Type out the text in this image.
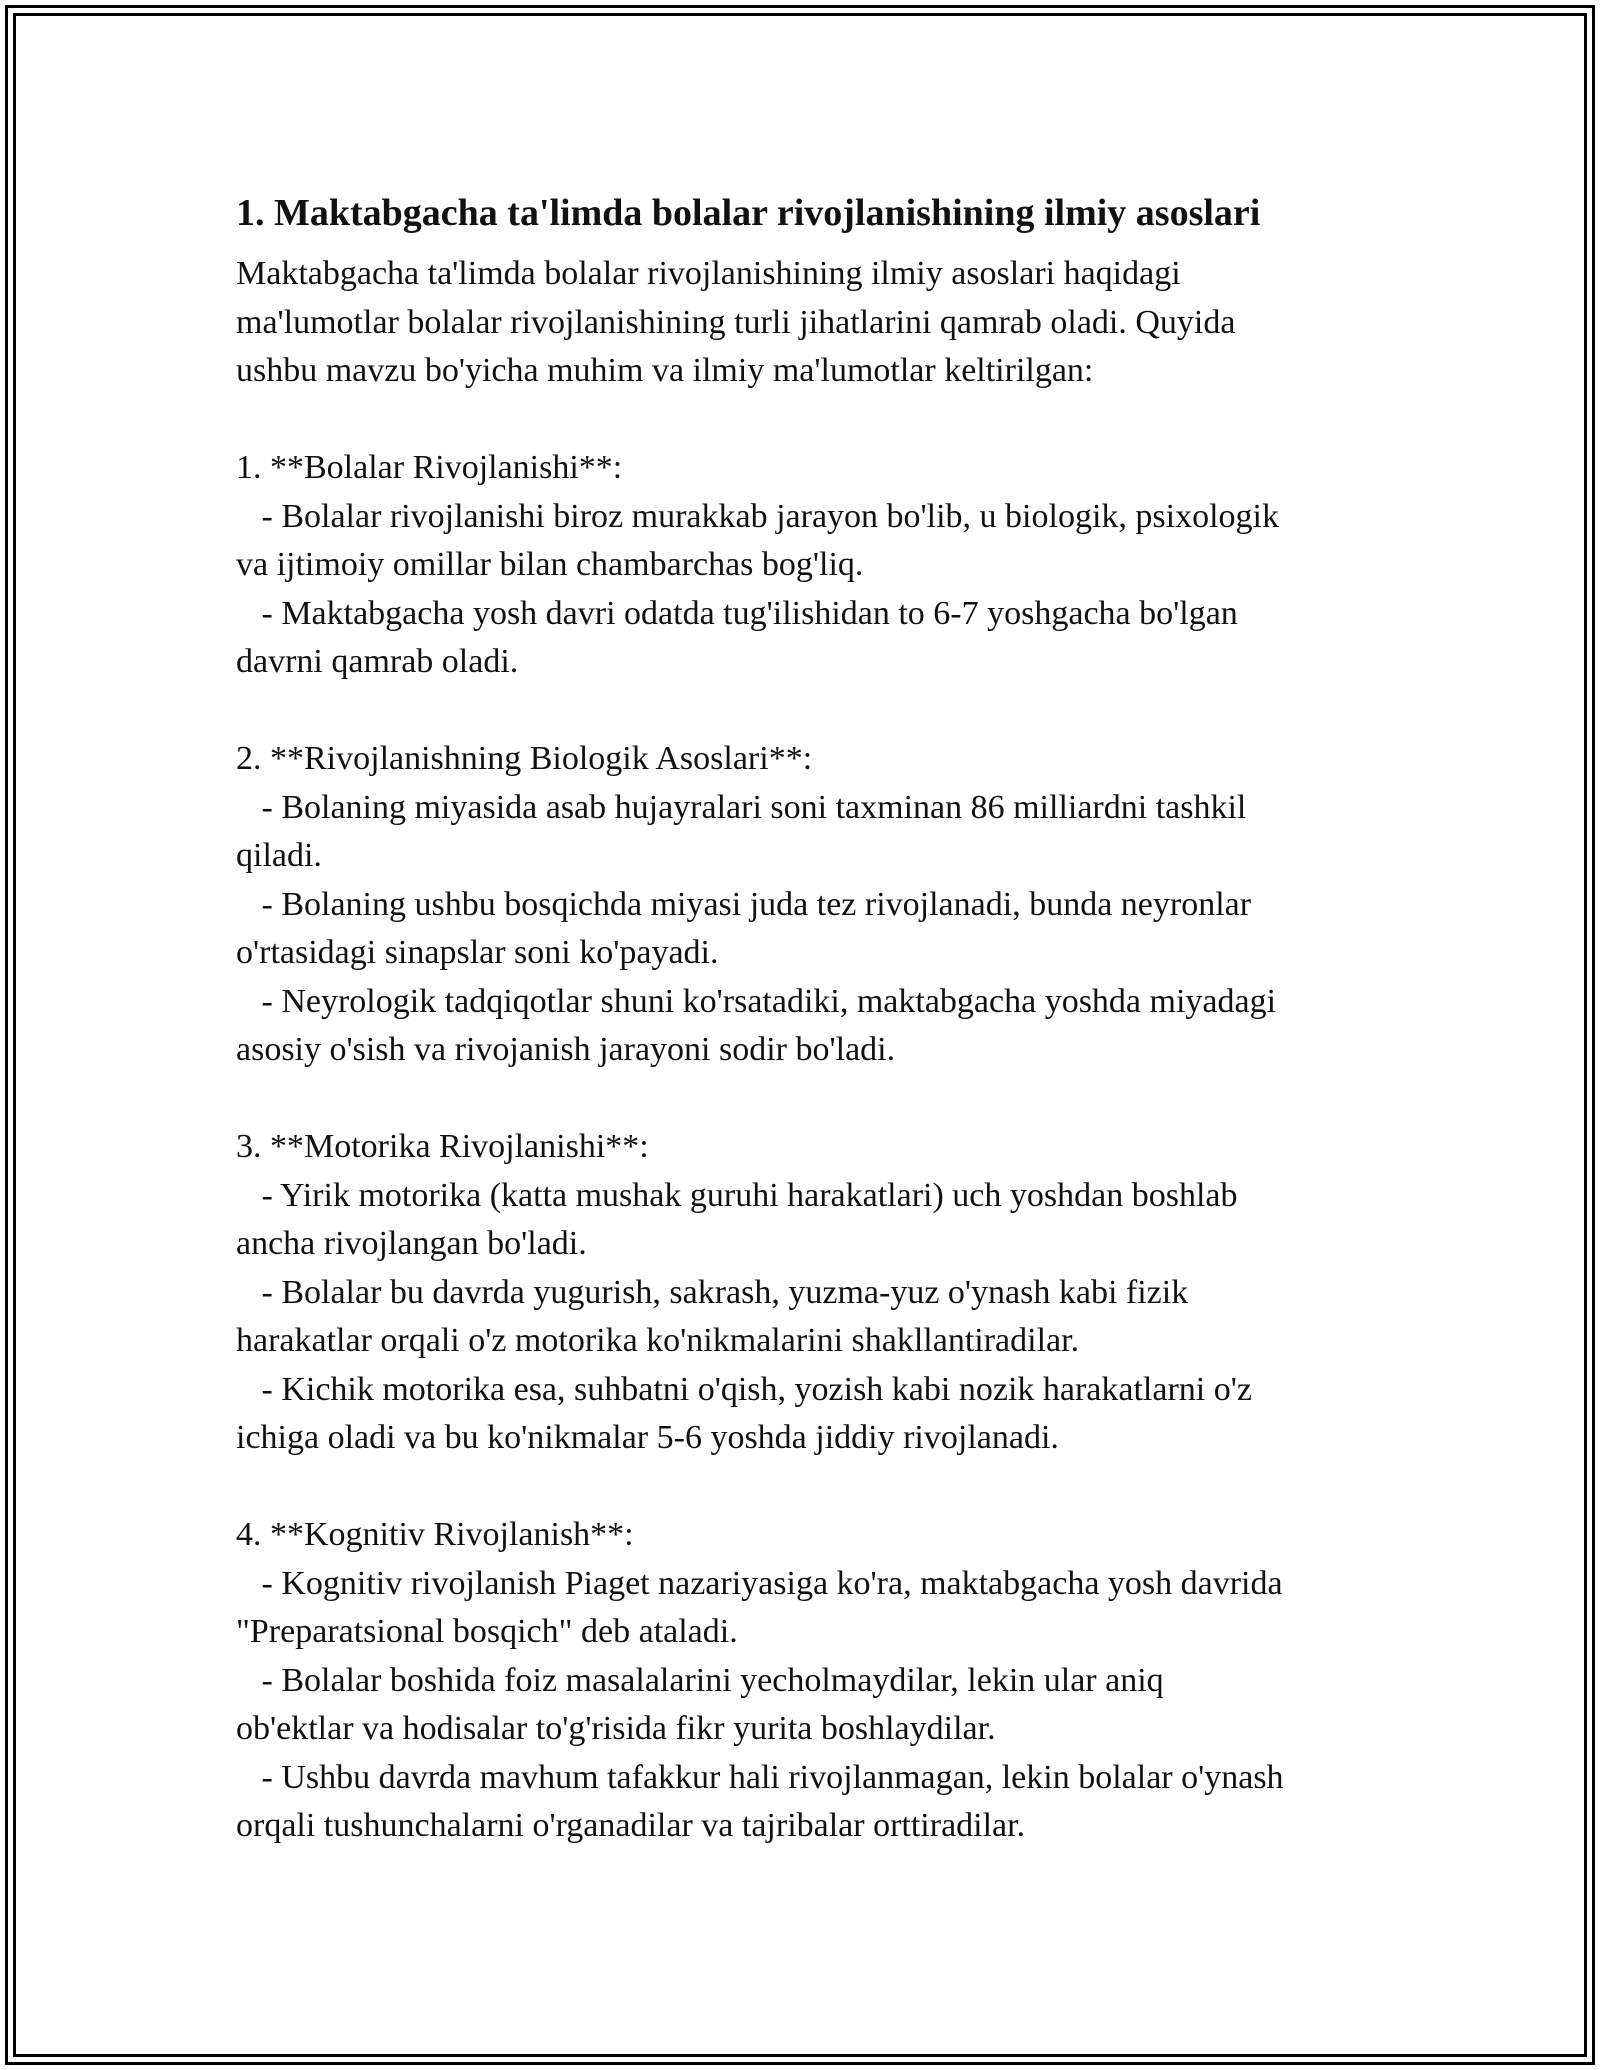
1. Maktabgacha ta'limda bolalar rivojlanishining ilmiy asoslari
Maktabgacha ta'limda bolalar rivojlanishining ilmiy asoslari haqidagi
ma'lumotlar bolalar rivojlanishining turli jihatlarini qamrab oladi. Quyida
ushbu mavzu bo'yicha muhim va ilmiy ma'lumotlar keltirilgan:
1. **Bolalar Rivojlanishi**:
- Bolalar rivojlanishi biroz murakkab jarayon bo'lib, u biologik, psixologik
va ijtimoiy omillar bilan chambarchas bog'liq.
- Maktabgacha yosh davri odatda tug'ilishidan to 6-7 yoshgacha bo'lgan
davrni qamrab oladi.
2. **Rivojlanishning Biologik Asoslari**:
- Bolaning miyasida asab hujayralari soni taxminan 86 milliardni tashkil
qiladi.
- Bolaning ushbu bosqichda miyasi juda tez rivojlanadi, bunda neyronlar
o'rtasidagi sinapslar soni ko'payadi.
- Neyrologik tadqiqotlar shuni ko'rsatadiki, maktabgacha yoshda miyadagi
asosiy o'sish va rivojanish jarayoni sodir bo'ladi.
3. **Motorika Rivojlanishi**:
- Yirik motorika (katta mushak guruhi harakatlari) uch yoshdan boshlab
ancha rivojlangan bo'ladi.
- Bolalar bu davrda yugurish, sakrash, yuzma-yuz o'ynash kabi fizik
harakatlar orqali o'z motorika ko'nikmalarini shakllantiradilar.
- Kichik motorika esa, suhbatni o'qish, yozish kabi nozik harakatlarni o'z
ichiga oladi va bu ko'nikmalar 5-6 yoshda jiddiy rivojlanadi.
4. **Kognitiv Rivojlanish**:
- Kognitiv rivojlanish Piaget nazariyasiga ko'ra, maktabgacha yosh davrida
"Preparatsional bosqich" deb ataladi.
- Bolalar boshida foiz masalalarini yecholmaydilar, lekin ular aniq
ob'ektlar va hodisalar to'g'risida fikr yurita boshlaydilar.
- Ushbu davrda mavhum tafakkur hali rivojlanmagan, lekin bolalar o'ynash
orqali tushunchalarni o'rganadilar va tajribalar orttiradilar.
